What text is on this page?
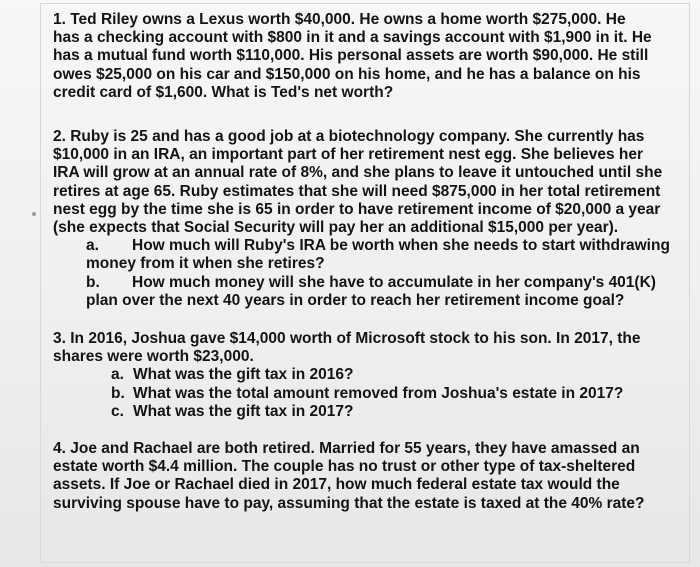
1. Ted Riley owns a Lexus worth $40,000. He owns a home worth $275,000. He
has a checking account with $800 in it and a savings account with $1,900 in it. He
has a mutual fund worth $110,000. His personal assets are worth $90,000. He still
owes $25,000 on his car and $150,000 on his home, and he has a balance on his
credit card of $1,600. What is Ted's net worth?
2. Ruby is 25 and has a good job at a biotechnology company. She currently has
$10,000 in an IRA, an important part of her retirement nest egg. She believes her
IRA will grow at an annual rate of 8%, and she plans to leave it untouched until she
retires at age 65. Ruby estimates that she will need $875,000 in her total retirement
nest egg by the time she is 65 in order to have retirement income of $20,000 a year
(she expects that Social Security will pay her an additional $15,000 per year).
a. How much will Ruby's IRA be worth when she needs to start withdrawing
money from it when she retires?
b. How much money will she have to accumulate in her company's 401(K)
plan over the next 40 years in order to reach her retirement income goal?
3. In 2016, Joshua gave $14,000 worth of Microsoft stock to his son. In 2017, the
shares were worth $23,000.
a. What was the gift tax in 2016?
b. What was the total amount removed from Joshua's estate in 2017?
c. What was the gift tax in 2017?
4. Joe and Rachael are both retired. Married for 55 years, they have amassed an
estate worth $4.4 million. The couple has no trust or other type of tax-sheltered
assets. If Joe or Rachael died in 2017, how much federal estate tax would the
surviving spouse have to pay, assuming that the estate is taxed at the 40% rate?
